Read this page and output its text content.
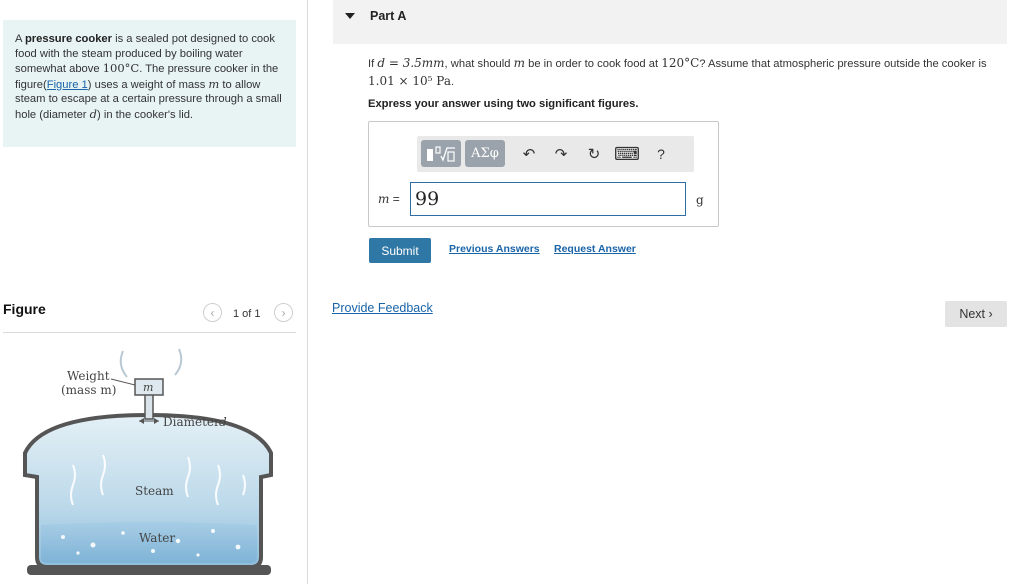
A pressure cooker is a sealed pot designed to cook food with the steam produced by boiling water somewhat above 100°C. The pressure cooker in the figure(Figure 1) uses a weight of mass m to allow steam to escape at a certain pressure through a small hole (diameter d) in the cooker's lid.
Figure	‹ 1 of 1 ›
Weight
(mass m) m
Diameter d
Steam
Water
Part A
If d = 3.5mm, what should m be in order to cook food at 120°C? Assume that atmospheric pressure outside the cooker is 1.01 × 10⁵ Pa.
Express your answer using two significant figures.
ΑΣφ	↶	↷	↻ ⌨	?
m =
99	g
Submit	Previous Answers Request Answer
Provide Feedback	Next ›
